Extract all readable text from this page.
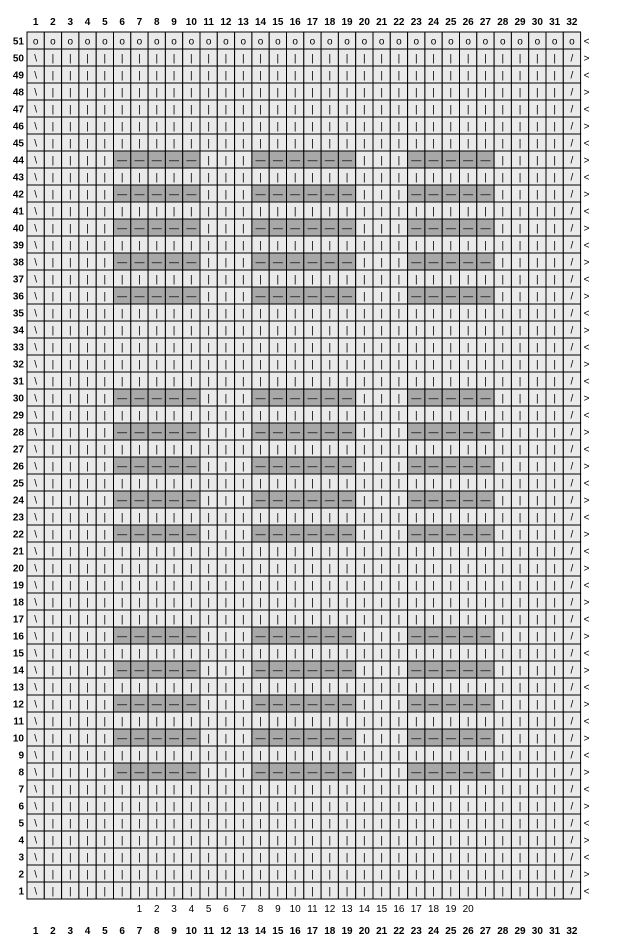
1 2 3 4 5 6 7 8 9 10 11 12 13 14 15 16 17 18 19 20 21 22 23 24 25 26 27 28 29 30 31 32
o o o o o o o o o o o o o o o o o o o o o o o o o o o o o o o o
\ | | | | | | | | | | | | | | | | | | | | | | | | | | | | | | /
\ | | | | | | | | | | | | | | | | | | | | | | | | | | | | | | /
\ | | | | | | | | | | | | | | | | | | | | | | | | | | | | | | /
\ | | | | | | | | | | | | | | | | | | | | | | | | | | | | | | /
\ | | | | | | | | | | | | | | | | | | | | | | | | | | | | | | /
\ | | | | | | | | | | | | | | | | | | | | | | | | | | | | | | /
\ | | | | — — — — — | | | — — — — — — | | | — — — — — | | | | /
\ | | | | | | | | | | | | | | | | | | | | | | | | | | | | | | /
\ | | | | — — — — — | | | — — — — — — | | | — — — — — | | | | /
\ | | | | | | | | | | | | | | | | | | | | | | | | | | | | | | /
\ | | | | — — — — — | | | — — — — — — | | | — — — — — | | | | /
\ | | | | | | | | | | | | | | | | | | | | | | | | | | | | | | /
\ | | | | — — — — — | | | — — — — — — | | | — — — — — | | | | /
\ | | | | | | | | | | | | | | | | | | | | | | | | | | | | | | /
\ | | | | — — — — — | | | — — — — — — | | | — — — — — | | | | /
\ | | | | | | | | | | | | | | | | | | | | | | | | | | | | | | /
\ | | | | | | | | | | | | | | | | | | | | | | | | | | | | | | /
\ | | | | | | | | | | | | | | | | | | | | | | | | | | | | | | /
\ | | | | | | | | | | | | | | | | | | | | | | | | | | | | | | /
\ | | | | | | | | | | | | | | | | | | | | | | | | | | | | | | /
\ | | | | — — — — — | | | — — — — — — | | | — — — — — | | | | /
\ | | | | | | | | | | | | | | | | | | | | | | | | | | | | | | /
\ | | | | — — — — — | | | — — — — — — | | | — — — — — | | | | /
\ | | | | | | | | | | | | | | | | | | | | | | | | | | | | | | /
\ | | | | — — — — — | | | — — — — — — | | | — — — — — | | | | /
\ | | | | | | | | | | | | | | | | | | | | | | | | | | | | | | /
\ | | | | — — — — — | | | — — — — — — | | | — — — — — | | | | /
\ | | | | | | | | | | | | | | | | | | | | | | | | | | | | | | /
\ | | | | — — — — — | | | — — — — — — | | | — — — — — | | | | /
\ | | | | | | | | | | | | | | | | | | | | | | | | | | | | | | /
\ | | | | | | | | | | | | | | | | | | | | | | | | | | | | | | /
\ | | | | | | | | | | | | | | | | | | | | | | | | | | | | | | /
\ | | | | | | | | | | | | | | | | | | | | | | | | | | | | | | /
\ | | | | | | | | | | | | | | | | | | | | | | | | | | | | | | /
\ | | | | — — — — — | | | — — — — — — | | | — — — — — | | | | /
\ | | | | | | | | | | | | | | | | | | | | | | | | | | | | | | /
\ | | | | — — — — — | | | — — — — — — | | | — — — — — | | | | /
\ | | | | | | | | | | | | | | | | | | | | | | | | | | | | | | /
\ | | | | — — — — — | | | — — — — — — | | | — — — — — | | | | /
\ | | | | | | | | | | | | | | | | | | | | | | | | | | | | | | /
\ | | | | — — — — — | | | — — — — — — | | | — — — — — | | | | /
\ | | | | | | | | | | | | | | | | | | | | | | | | | | | | | | /
\ | | | | — — — — — | | | — — — — — — | | | — — — — — | | | | /
\ | | | | | | | | | | | | | | | | | | | | | | | | | | | | | | /
\ | | | | | | | | | | | | | | | | | | | | | | | | | | | | | | /
\ | | | | | | | | | | | | | | | | | | | | | | | | | | | | | | /
\ | | | | | | | | | | | | | | | | | | | | | | | | | | | | | | /
\ | | | | | | | | | | | | | | | | | | | | | | | | | | | | | | /
\ | | | | | | | | | | | | | | | | | | | | | | | | | | | | | | /
\ | | | | | | | | | | | | | | | | | | | | | | | | | | | | | | /
51
50
49
48
47
46
45
44
43
42
41
40
39
38
37
36
35
34
33
32
31
30
29
28
27
26
25
24
23
22
21
20
19
18
17
16
15
14
13
12
11
10
9
8
7
6
5
4
3
2
1
<
>
<
>
<
>
<
>
<
>
<
>
<
>
<
>
<
>
<
>
<
>
<
>
<
>
<
>
<
>
<
>
<
>
<
>
<
>
<
>
<
>
<
>
<
>
<
>
<
>
<
1 2 3 4 5 6 7 8 9 10 11 12 13 14 15 16 17 18 19 20
1 2 3 4 5 6 7 8 9 10 11 12 13 14 15 16 17 18 19 20 21 22 23 24 25 26 27 28 29 30 31 32
